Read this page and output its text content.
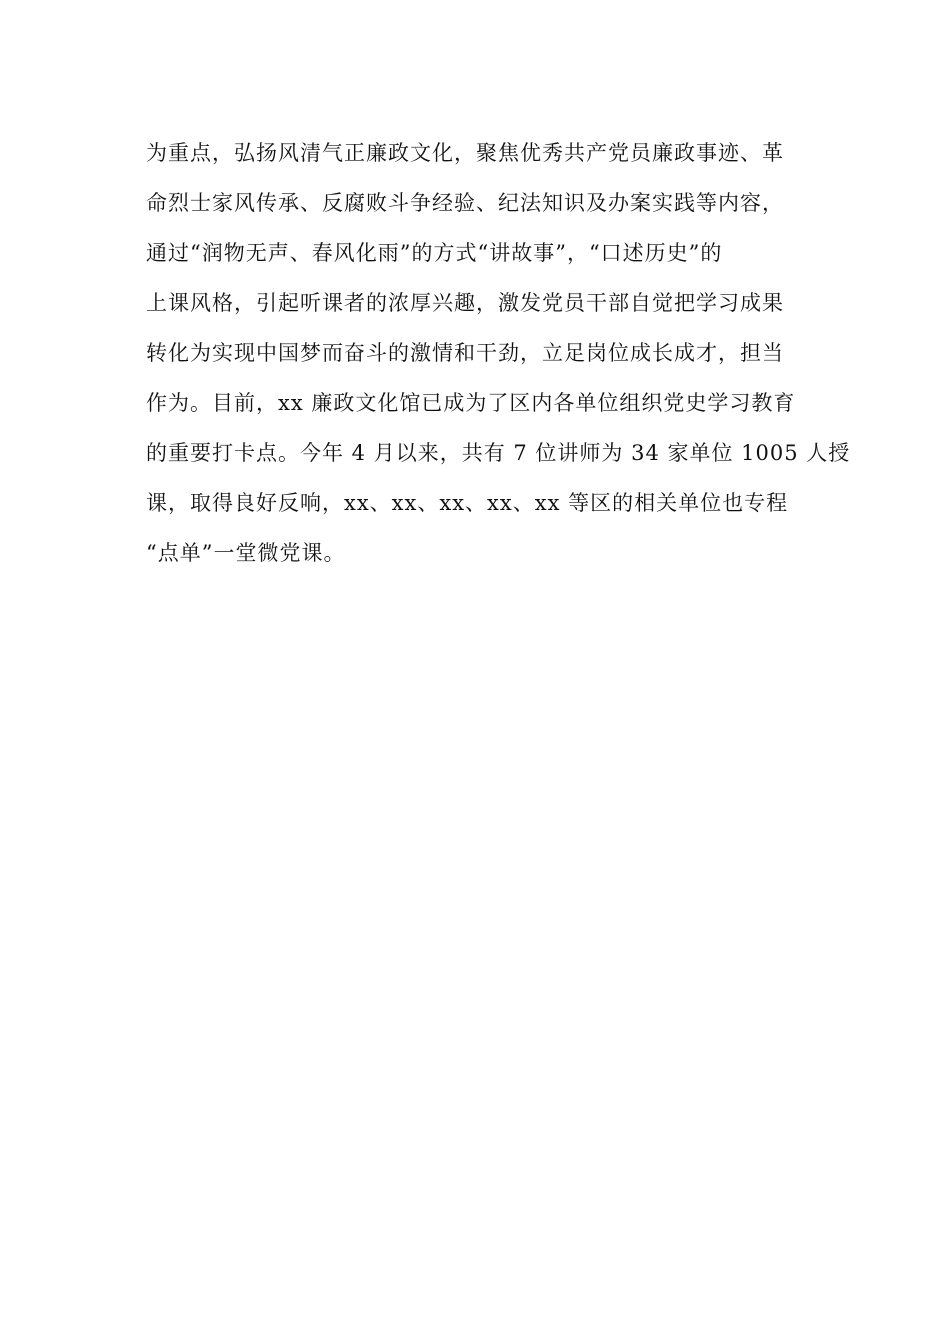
为重点，弘扬风清气正廉政文化，聚焦优秀共产党员廉政事迹、革
命烈士家风传承、反腐败斗争经验、纪法知识及办案实践等内容，
通过“润物无声、春风化雨”的方式“讲故事”，“口述历史”的
上课风格，引起听课者的浓厚兴趣，激发党员干部自觉把学习成果
转化为实现中国梦而奋斗的激情和干劲，立足岗位成长成才，担当
作为。目前，xx 廉政文化馆已成为了区内各单位组织党史学习教育
的重要打卡点。今年 4 月以来，共有 7 位讲师为 34 家单位 1005 人授
课，取得良好反响，xx、xx、xx、xx、xx 等区的相关单位也专程
“点单”一堂微党课。
